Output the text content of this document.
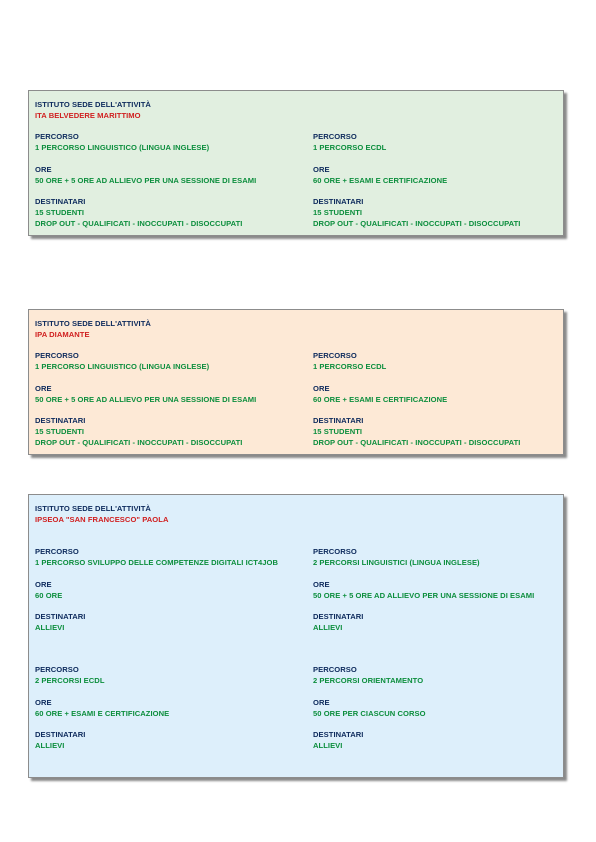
ISTITUTO SEDE DELL'ATTIVITÀ
ITA BELVEDERE MARITTIMO
PERCORSO
1 PERCORSO LINGUISTICO (LINGUA INGLESE)
ORE
50 ORE + 5 ORE AD ALLIEVO PER UNA SESSIONE DI ESAMI
DESTINATARI
15 STUDENTI
DROP OUT - QUALIFICATI - INOCCUPATI - DISOCCUPATI
PERCORSO
1 PERCORSO ECDL
ORE
60 ORE + ESAMI E CERTIFICAZIONE
DESTINATARI
15 STUDENTI
DROP OUT - QUALIFICATI - INOCCUPATI - DISOCCUPATI
ISTITUTO SEDE DELL'ATTIVITÀ
IPA DIAMANTE
PERCORSO
1 PERCORSO LINGUISTICO (LINGUA INGLESE)
ORE
50 ORE + 5 ORE AD ALLIEVO PER UNA SESSIONE DI ESAMI
DESTINATARI
15 STUDENTI
DROP OUT - QUALIFICATI - INOCCUPATI - DISOCCUPATI
PERCORSO
1 PERCORSO ECDL
ORE
60 ORE + ESAMI E CERTIFICAZIONE
DESTINATARI
15 STUDENTI
DROP OUT - QUALIFICATI - INOCCUPATI - DISOCCUPATI
ISTITUTO SEDE DELL'ATTIVITÀ
IPSEOA "SAN FRANCESCO" PAOLA
PERCORSO
1 PERCORSO SVILUPPO DELLE COMPETENZE DIGITALI ICT4JOB
ORE
60 ORE
DESTINATARI
ALLIEVI
PERCORSO
2 PERCORSI LINGUISTICI (LINGUA INGLESE)
ORE
50 ORE + 5 ORE AD ALLIEVO PER UNA SESSIONE DI ESAMI
DESTINATARI
ALLIEVI
PERCORSO
2 PERCORSI ECDL
ORE
60 ORE + ESAMI E CERTIFICAZIONE
DESTINATARI
ALLIEVI
PERCORSO
2 PERCORSI ORIENTAMENTO
ORE
50 ORE PER CIASCUN CORSO
DESTINATARI
ALLIEVI
